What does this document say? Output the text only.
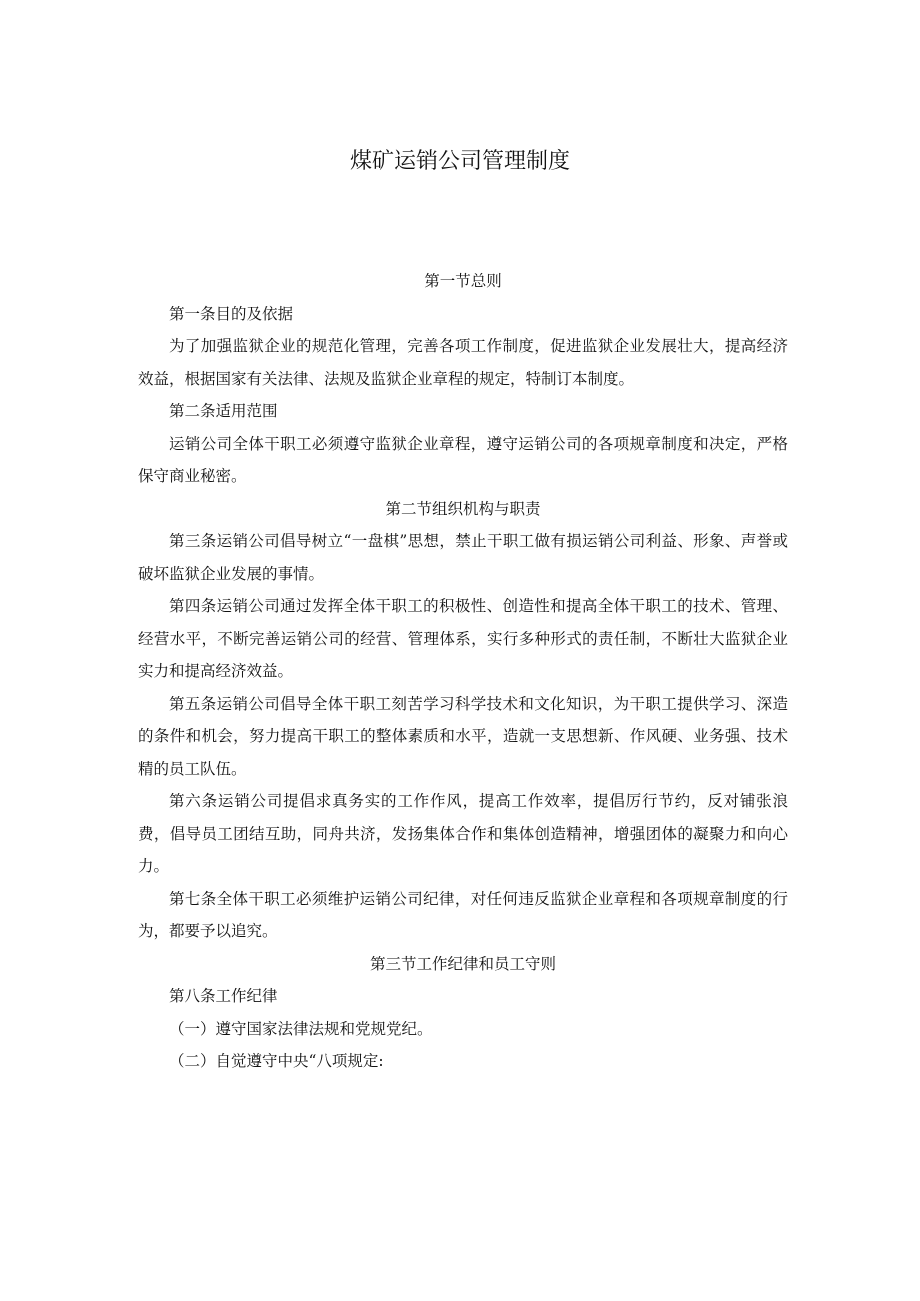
煤矿运销公司管理制度

第一节总则

第一条目的及依据

为了加强监狱企业的规范化管理，完善各项工作制度，促进监狱企业发展壮大，提高经济效益，根据国家有关法律、法规及监狱企业章程的规定，特制订本制度。

第二条适用范围

运销公司全体干职工必须遵守监狱企业章程，遵守运销公司的各项规章制度和决定，严格保守商业秘密。

第二节组织机构与职责

第三条运销公司倡导树立“一盘棋”思想，禁止干职工做有损运销公司利益、形象、声誉或破坏监狱企业发展的事情。

第四条运销公司通过发挥全体干职工的积极性、创造性和提高全体干职工的技术、管理、经营水平，不断完善运销公司的经营、管理体系，实行多种形式的责任制，不断壮大监狱企业实力和提高经济效益。

第五条运销公司倡导全体干职工刻苦学习科学技术和文化知识，为干职工提供学习、深造的条件和机会，努力提高干职工的整体素质和水平，造就一支思想新、作风硬、业务强、技术精的员工队伍。

第六条运销公司提倡求真务实的工作作风，提高工作效率，提倡厉行节约，反对铺张浪费，倡导员工团结互助，同舟共济，发扬集体合作和集体创造精神，增强团体的凝聚力和向心力。

第七条全体干职工必须维护运销公司纪律，对任何违反监狱企业章程和各项规章制度的行为，都要予以追究。

第三节工作纪律和员工守则

第八条工作纪律

（一）遵守国家法律法规和党规党纪。

（二）自觉遵守中央“八项规定:
